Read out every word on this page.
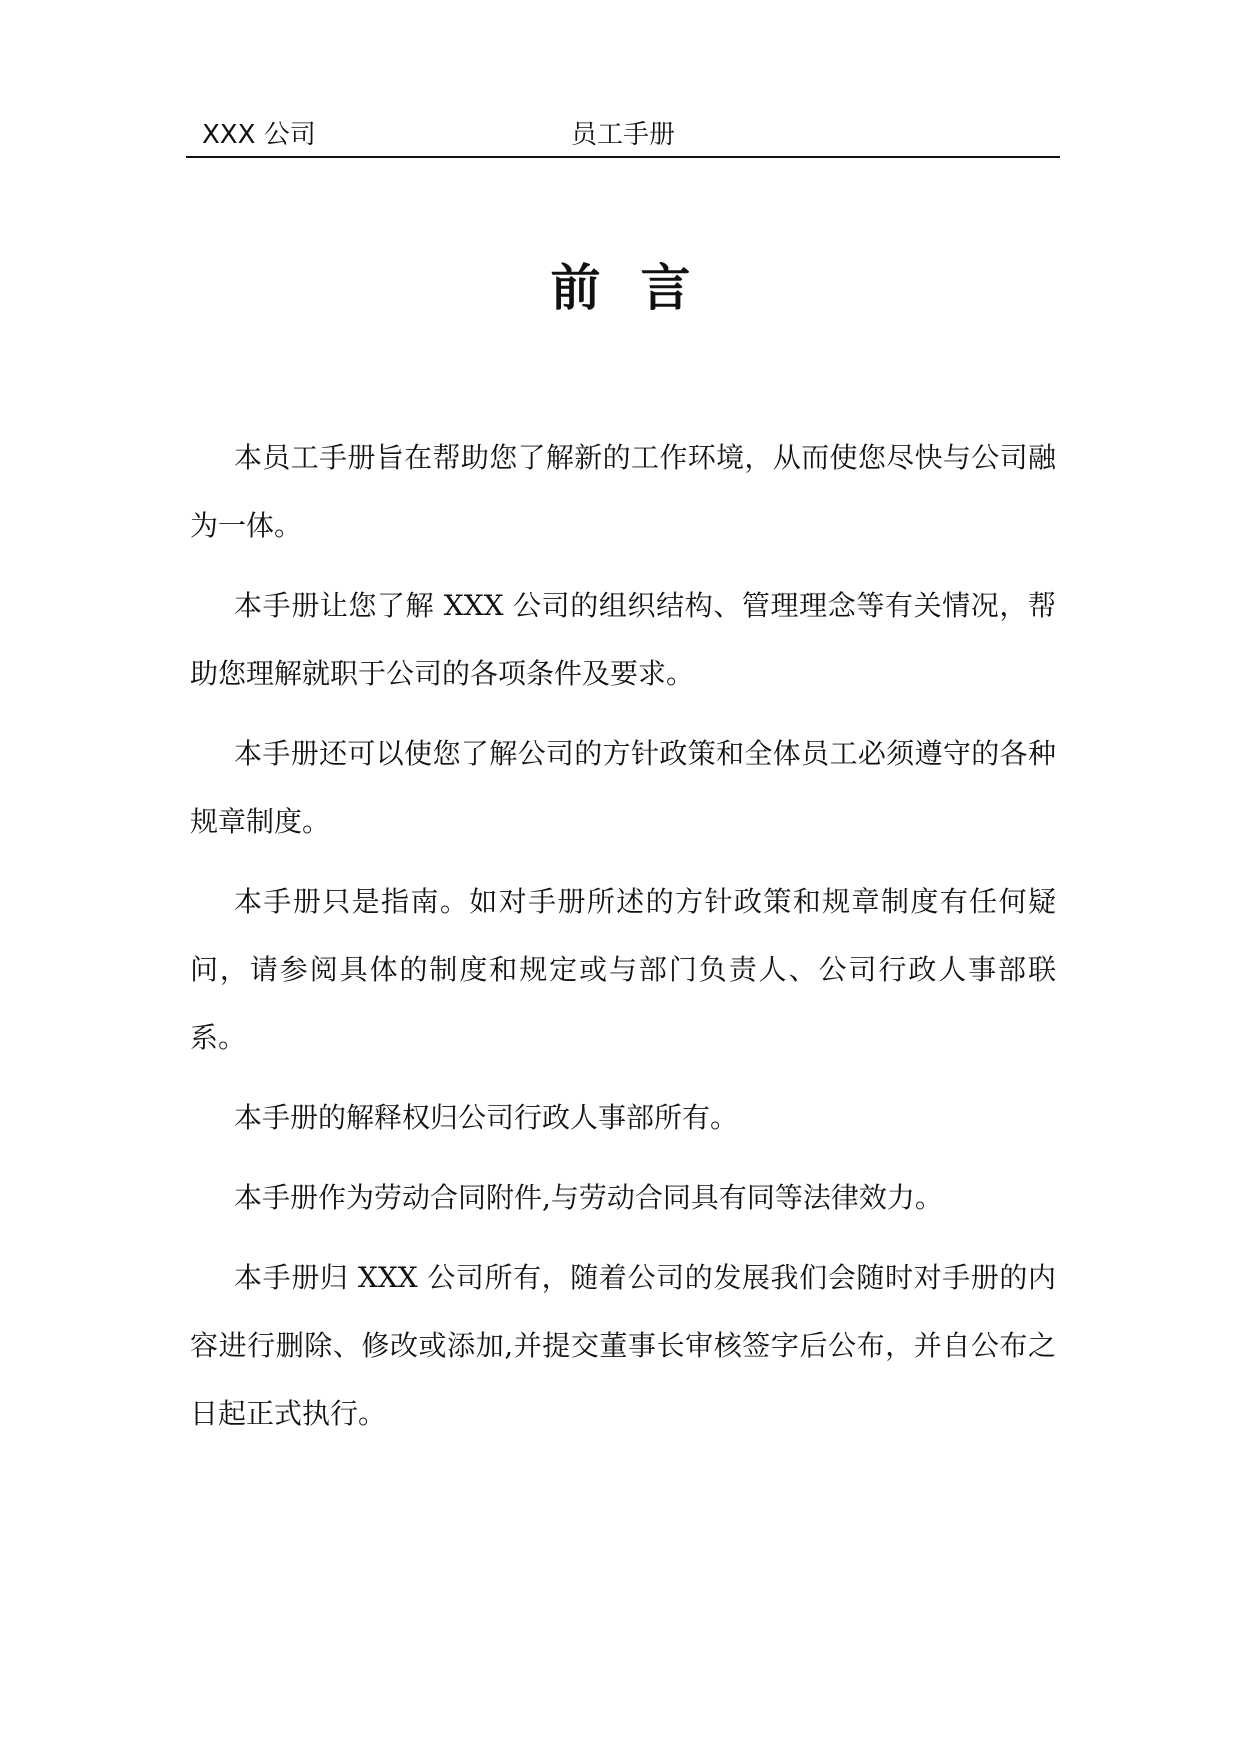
XXX 公司	员工手册
前言

本员工手册旨在帮助您了解新的工作环境，从而使您尽快与公司融为一体。

本手册让您了解 XXX 公司的组织结构、管理理念等有关情况，帮助您理解就职于公司的各项条件及要求。

本手册还可以使您了解公司的方针政策和全体员工必须遵守的各种规章制度。

本手册只是指南。如对手册所述的方针政策和规章制度有任何疑问，请参阅具体的制度和规定或与部门负责人、公司行政人事部联系。

本手册的解释权归公司行政人事部所有。

本手册作为劳动合同附件,与劳动合同具有同等法律效力。

本手册归 XXX 公司所有，随着公司的发展我们会随时对手册的内容进行删除、修改或添加,并提交董事长审核签字后公布，并自公布之日起正式执行。
